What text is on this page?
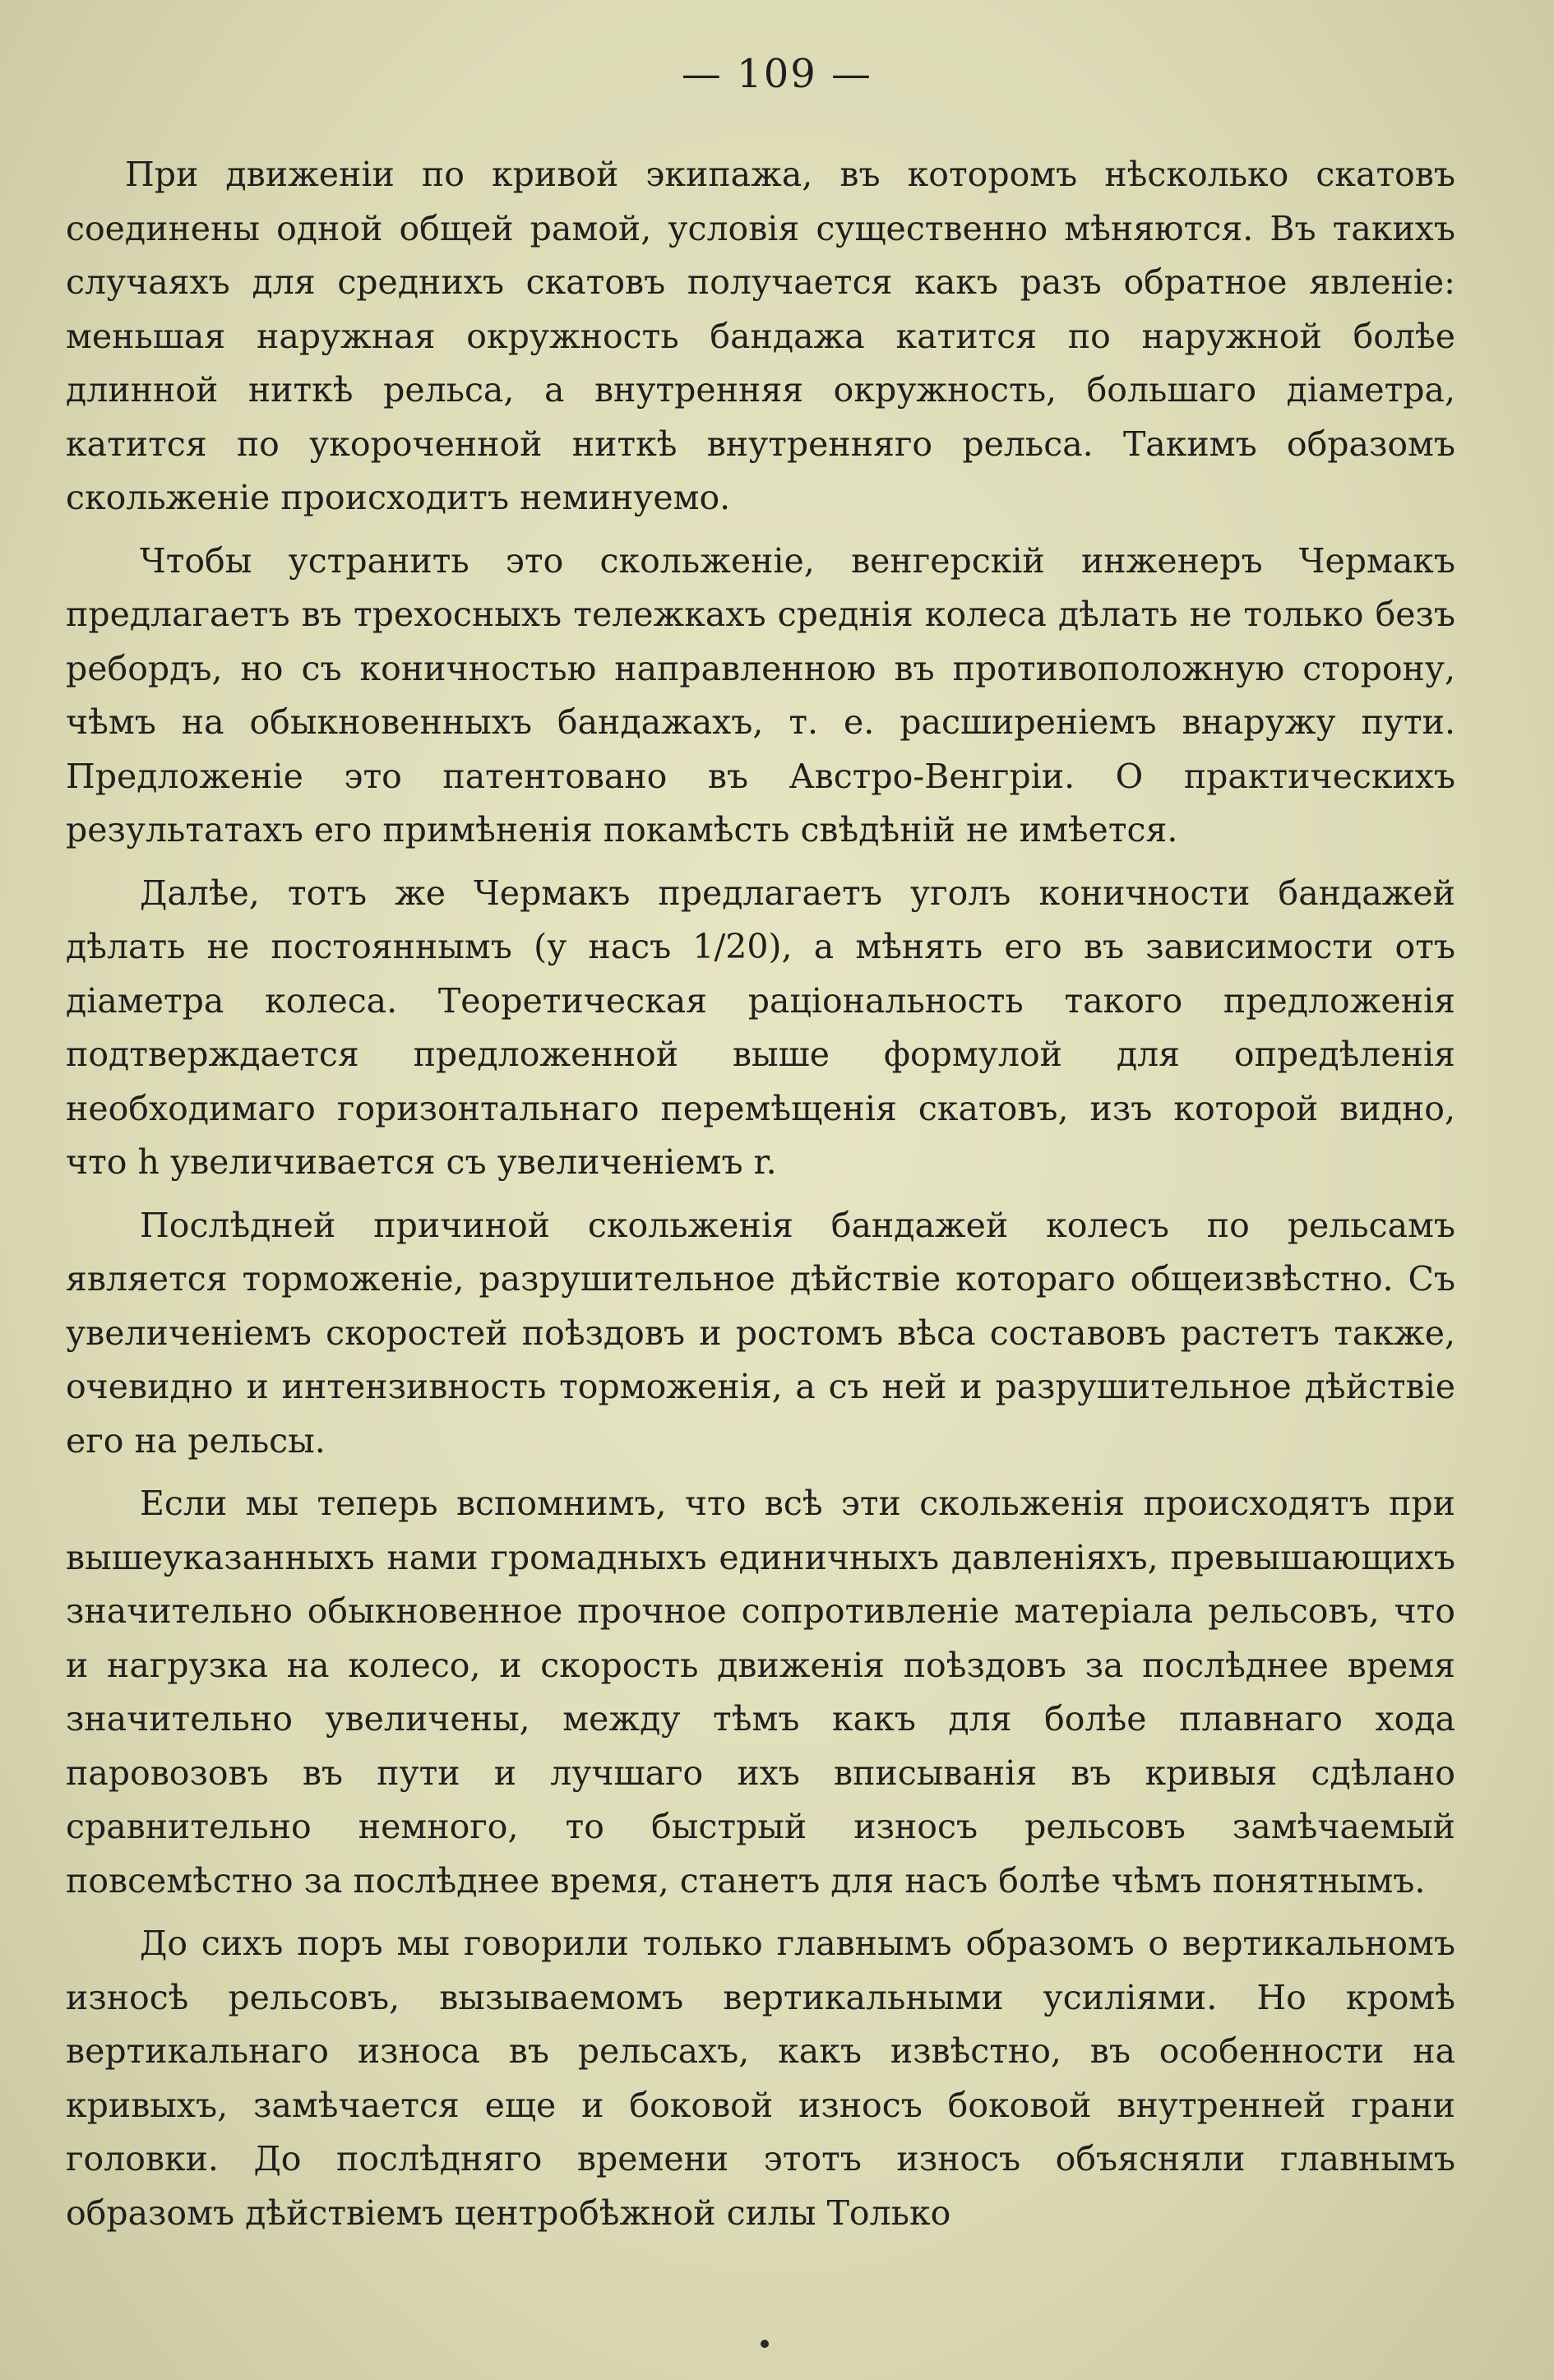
— 109 —

При движеніи по кривой экипажа, въ которомъ нѣсколько скатовъ соединены одной общей рамой, условія существенно мѣняются. Въ такихъ случаяхъ для среднихъ скатовъ получается какъ разъ обратное явленіе: меньшая наружная окружность бандажа катится по наружной болѣе длинной ниткѣ рельса, а внутренняя окружность, большаго діаметра, катится по укороченной ниткѣ внутренняго рельса. Такимъ образомъ скольженіе происходитъ неминуемо.

Чтобы устранить это скольженіе, венгерскій инженеръ Чермакъ предлагаетъ въ трехосныхъ тележкахъ среднія колеса дѣлать не только безъ ребордъ, но съ коничностью направленною въ противоположную сторону, чѣмъ на обыкновенныхъ бандажахъ, т. е. расширеніемъ внаружу пути. Предложеніе это патентовано въ Австро-Венгріи. О практическихъ результатахъ его примѣненія покамѣсть свѣдѣній не имѣется.

Далѣе, тотъ же Чермакъ предлагаетъ уголъ коничности бандажей дѣлать не постояннымъ (у насъ 1/20), а мѣнять его въ зависимости отъ діаметра колеса. Теоретическая раціональность такого предложенія подтверждается предложенной выше формулой для опредѣленія необходимаго горизонтальнаго перемѣщенія скатовъ, изъ которой видно, что h увеличивается съ увеличеніемъ r.

Послѣдней причиной скольженія бандажей колесъ по рельсамъ является торможеніе, разрушительное дѣйствіе котораго общеизвѣстно. Съ увеличеніемъ скоростей поѣздовъ и ростомъ вѣса составовъ растетъ также, очевидно и интензивность торможенія, а съ ней и разрушительное дѣйствіе его на рельсы.

Если мы теперь вспомнимъ, что всѣ эти скольженія происходятъ при вышеуказанныхъ нами громадныхъ единичныхъ давленіяхъ, превышающихъ значительно обыкновенное прочное сопротивленіе матеріала рельсовъ, что и нагрузка на колесо, и скорость движенія поѣздовъ за послѣднее время значительно увеличены, между тѣмъ какъ для болѣе плавнаго хода паровозовъ въ пути и лучшаго ихъ вписыванія въ кривыя сдѣлано сравнительно немного, то быстрый износъ рельсовъ замѣчаемый повсемѣстно за послѣднее время, станетъ для насъ болѣе чѣмъ понятнымъ.

До сихъ поръ мы говорили только главнымъ образомъ о вертикальномъ износѣ рельсовъ, вызываемомъ вертикальными усиліями. Но кромѣ вертикальнаго износа въ рельсахъ, какъ извѣстно, въ особенности на кривыхъ, замѣчается еще и боковой износъ боковой внутренней грани головки. До послѣдняго времени этотъ износъ объясняли главнымъ образомъ дѣйствіемъ центробѣжной силы Только
